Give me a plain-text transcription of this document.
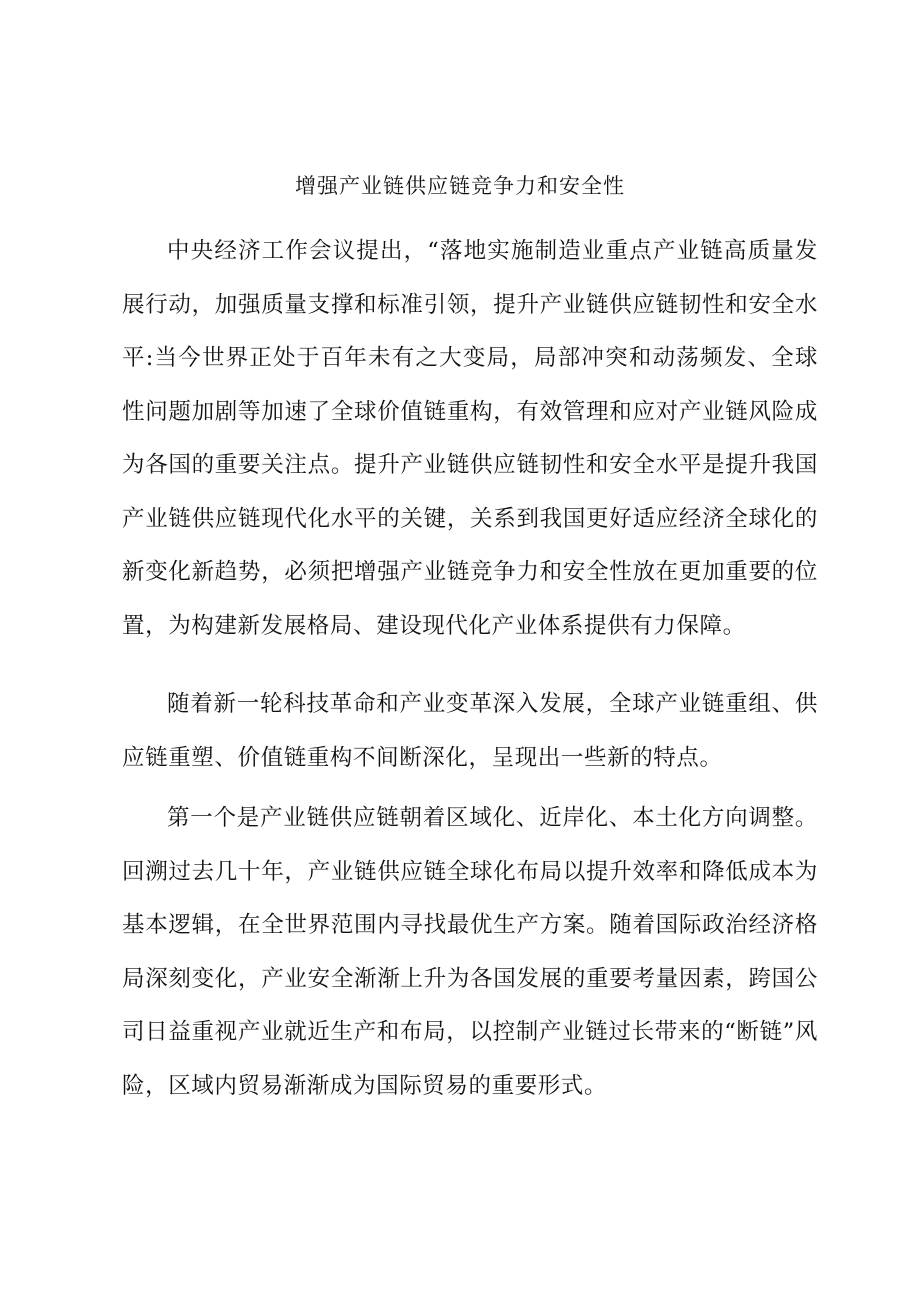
增强产业链供应链竞争力和安全性

中央经济工作会议提出，“落地实施制造业重点产业链高质量发展行动，加强质量支撑和标准引领，提升产业链供应链韧性和安全水平:当今世界正处于百年未有之大变局，局部冲突和动荡频发、全球性问题加剧等加速了全球价值链重构，有效管理和应对产业链风险成为各国的重要关注点。提升产业链供应链韧性和安全水平是提升我国产业链供应链现代化水平的关键，关系到我国更好适应经济全球化的新变化新趋势，必须把增强产业链竞争力和安全性放在更加重要的位置，为构建新发展格局、建设现代化产业体系提供有力保障。

随着新一轮科技革命和产业变革深入发展，全球产业链重组、供应链重塑、价值链重构不间断深化，呈现出一些新的特点。

第一个是产业链供应链朝着区域化、近岸化、本土化方向调整。回溯过去几十年，产业链供应链全球化布局以提升效率和降低成本为基本逻辑，在全世界范围内寻找最优生产方案。随着国际政治经济格局深刻变化，产业安全渐渐上升为各国发展的重要考量因素，跨国公司日益重视产业就近生产和布局，以控制产业链过长带来的“断链”风险，区域内贸易渐渐成为国际贸易的重要形式。
